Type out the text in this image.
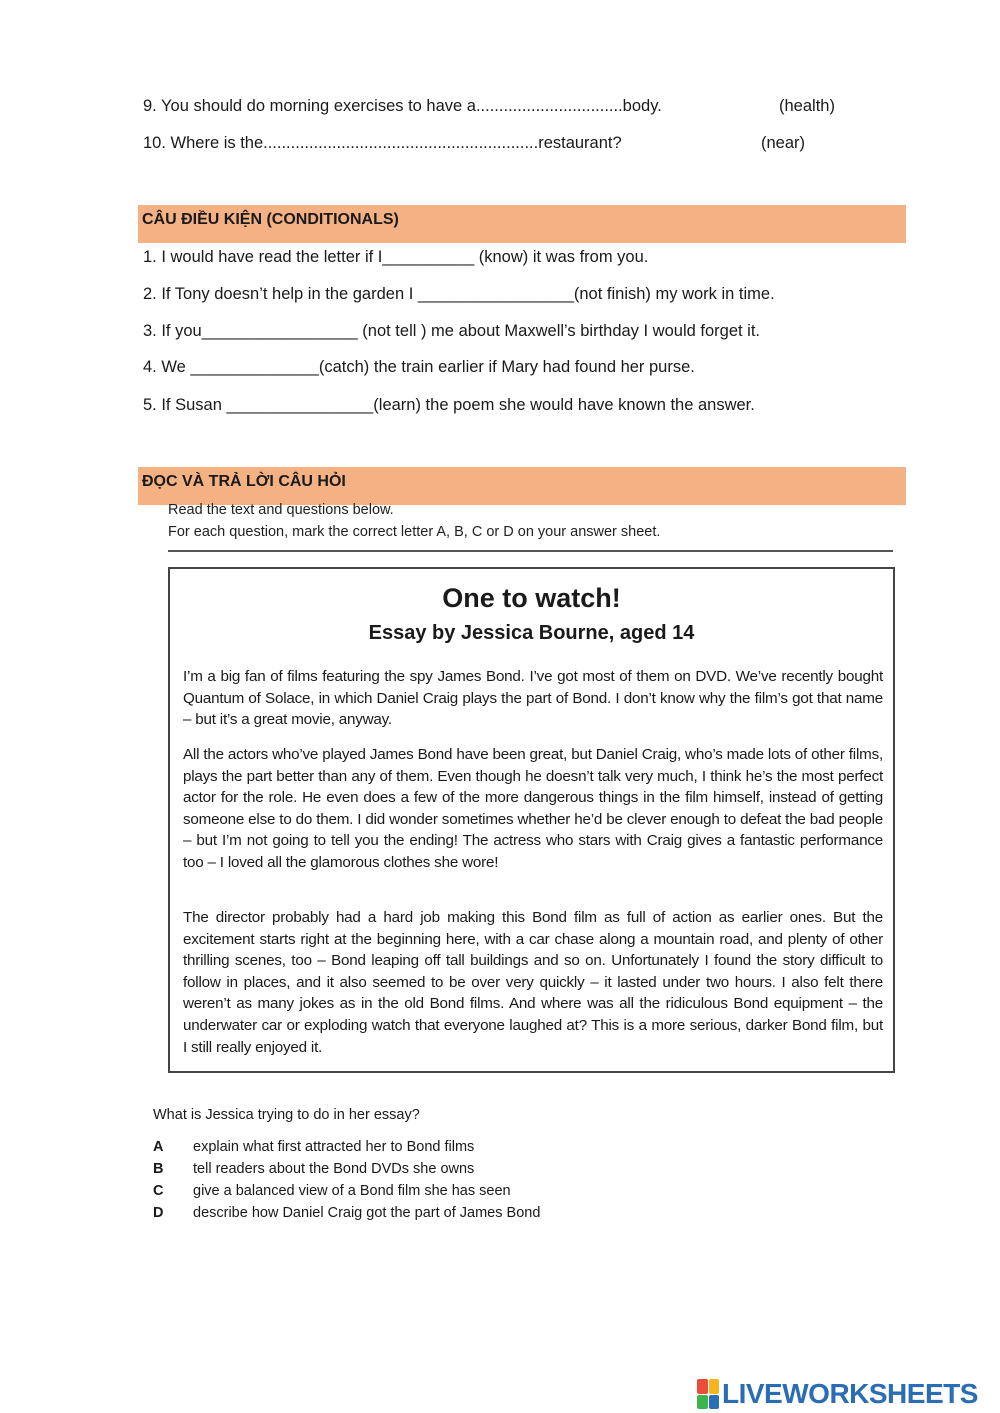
9. You should do morning exercises to have a................................body.	(health)
10. Where is the............................................................restaurant?	(near)
CÂU ĐIỀU KIỆN (CONDITIONALS)
1. I would have read the letter if I__________ (know) it was from you.
2. If Tony doesn’t help in the garden I _________________(not finish) my work in time.
3. If you_________________ (not tell ) me about Maxwell’s birthday I would forget it.
4. We ______________(catch) the train earlier if Mary had found her purse.
5. If Susan ________________(learn) the poem she would have known the answer.
ĐỌC VÀ TRẢ LỜI CÂU HỎI
Read the text and questions below.
For each question, mark the correct letter A, B, C or D on your answer sheet.
One to watch!
Essay by Jessica Bourne, aged 14
I’m a big fan of films featuring the spy James Bond. I’ve got most of them on DVD. We’ve recently bought Quantum of Solace, in which Daniel Craig plays the part of Bond. I don’t know why the film’s got that name – but it’s a great movie, anyway.
All the actors who’ve played James Bond have been great, but Daniel Craig, who’s made lots of other films, plays the part better than any of them. Even though he doesn’t talk very much, I think he’s the most perfect actor for the role. He even does a few of the more dangerous things in the film himself, instead of getting someone else to do them. I did wonder sometimes whether he’d be clever enough to defeat the bad people – but I’m not going to tell you the ending! The actress who stars with Craig gives a fantastic performance too – I loved all the glamorous clothes she wore!
The director probably had a hard job making this Bond film as full of action as earlier ones. But the excitement starts right at the beginning here, with a car chase along a mountain road, and plenty of other thrilling scenes, too – Bond leaping off tall buildings and so on. Unfortunately I found the story difficult to follow in places, and it also seemed to be over very quickly – it lasted under two hours. I also felt there weren’t as many jokes as in the old Bond films. And where was all the ridiculous Bond equipment – the underwater car or exploding watch that everyone laughed at? This is a more serious, darker Bond film, but I still really enjoyed it.
What is Jessica trying to do in her essay?
A explain what first attracted her to Bond films
B tell readers about the Bond DVDs she owns
C give a balanced view of a Bond film she has seen
D describe how Daniel Craig got the part of James Bond
LIVEWORKSHEETS
